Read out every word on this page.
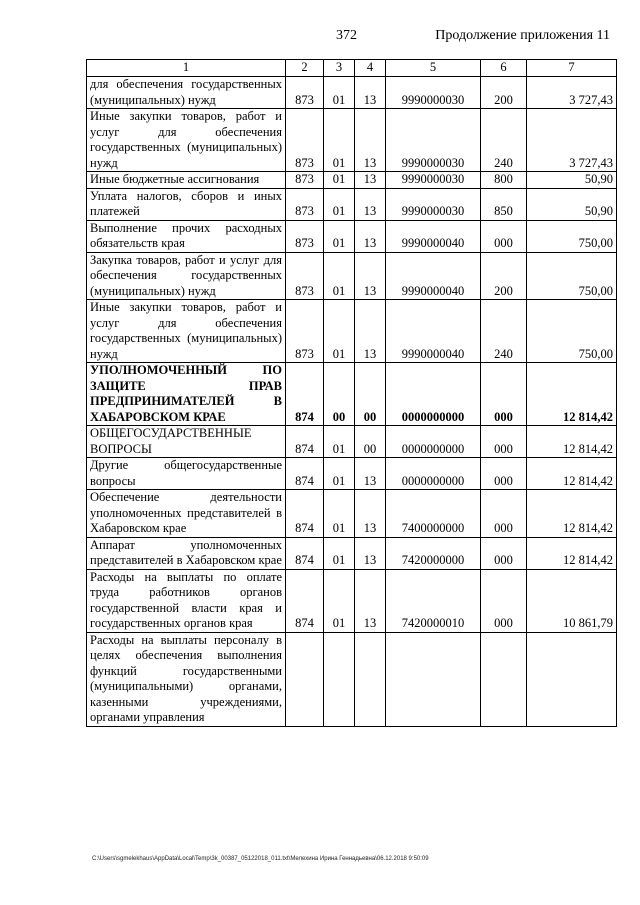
372	Продолжение приложения 11
1	2	3	4	5	6	7
для обеспечения государственных (муниципальных) нужд	873	01	13	9990000030	200	3 727,43
Иные закупки товаров, работ и услуг для обеспечения государственных (муниципальных) нужд	873	01	13	9990000030	240	3 727,43
Иные бюджетные ассигнования	873	01	13	9990000030	800	50,90
Уплата налогов, сборов и иных платежей	873	01	13	9990000030	850	50,90
Выполнение прочих расходных обязательств края	873	01	13	9990000040	000	750,00
Закупка товаров, работ и услуг для обеспечения государственных (муниципальных) нужд	873	01	13	9990000040	200	750,00
Иные закупки товаров, работ и услуг для обеспечения государственных (муниципальных) нужд	873	01	13	9990000040	240	750,00
УПОЛНОМОЧЕННЫЙ ПО ЗАЩИТЕ ПРАВ ПРЕДПРИНИМАТЕЛЕЙ В ХАБАРОВСКОМ КРАЕ	874	00	00	0000000000	000	12 814,42
ОБЩЕГОСУДАРСТВЕННЫЕ ВОПРОСЫ	874	01	00	0000000000	000	12 814,42
Другие общегосударственные вопросы	874	01	13	0000000000	000	12 814,42
Обеспечение деятельности уполномоченных представителей в Хабаровском крае	874	01	13	7400000000	000	12 814,42
Аппарат уполномоченных представителей в Хабаровском крае	874	01	13	7420000000	000	12 814,42
Расходы на выплаты по оплате труда работников органов государственной власти края и государственных органов края	874	01	13	7420000010	000	10 861,79
Расходы на выплаты персоналу в целях обеспечения выполнения функций государственными (муниципальными) органами, казенными учреждениями, органами управления						
C:\Users\sgmelekhaus\AppData\Local\Temp\3k_00387_05122018_011.txt\Мелехина Ирина Геннадьевна\06.12.2018 9:50:09
